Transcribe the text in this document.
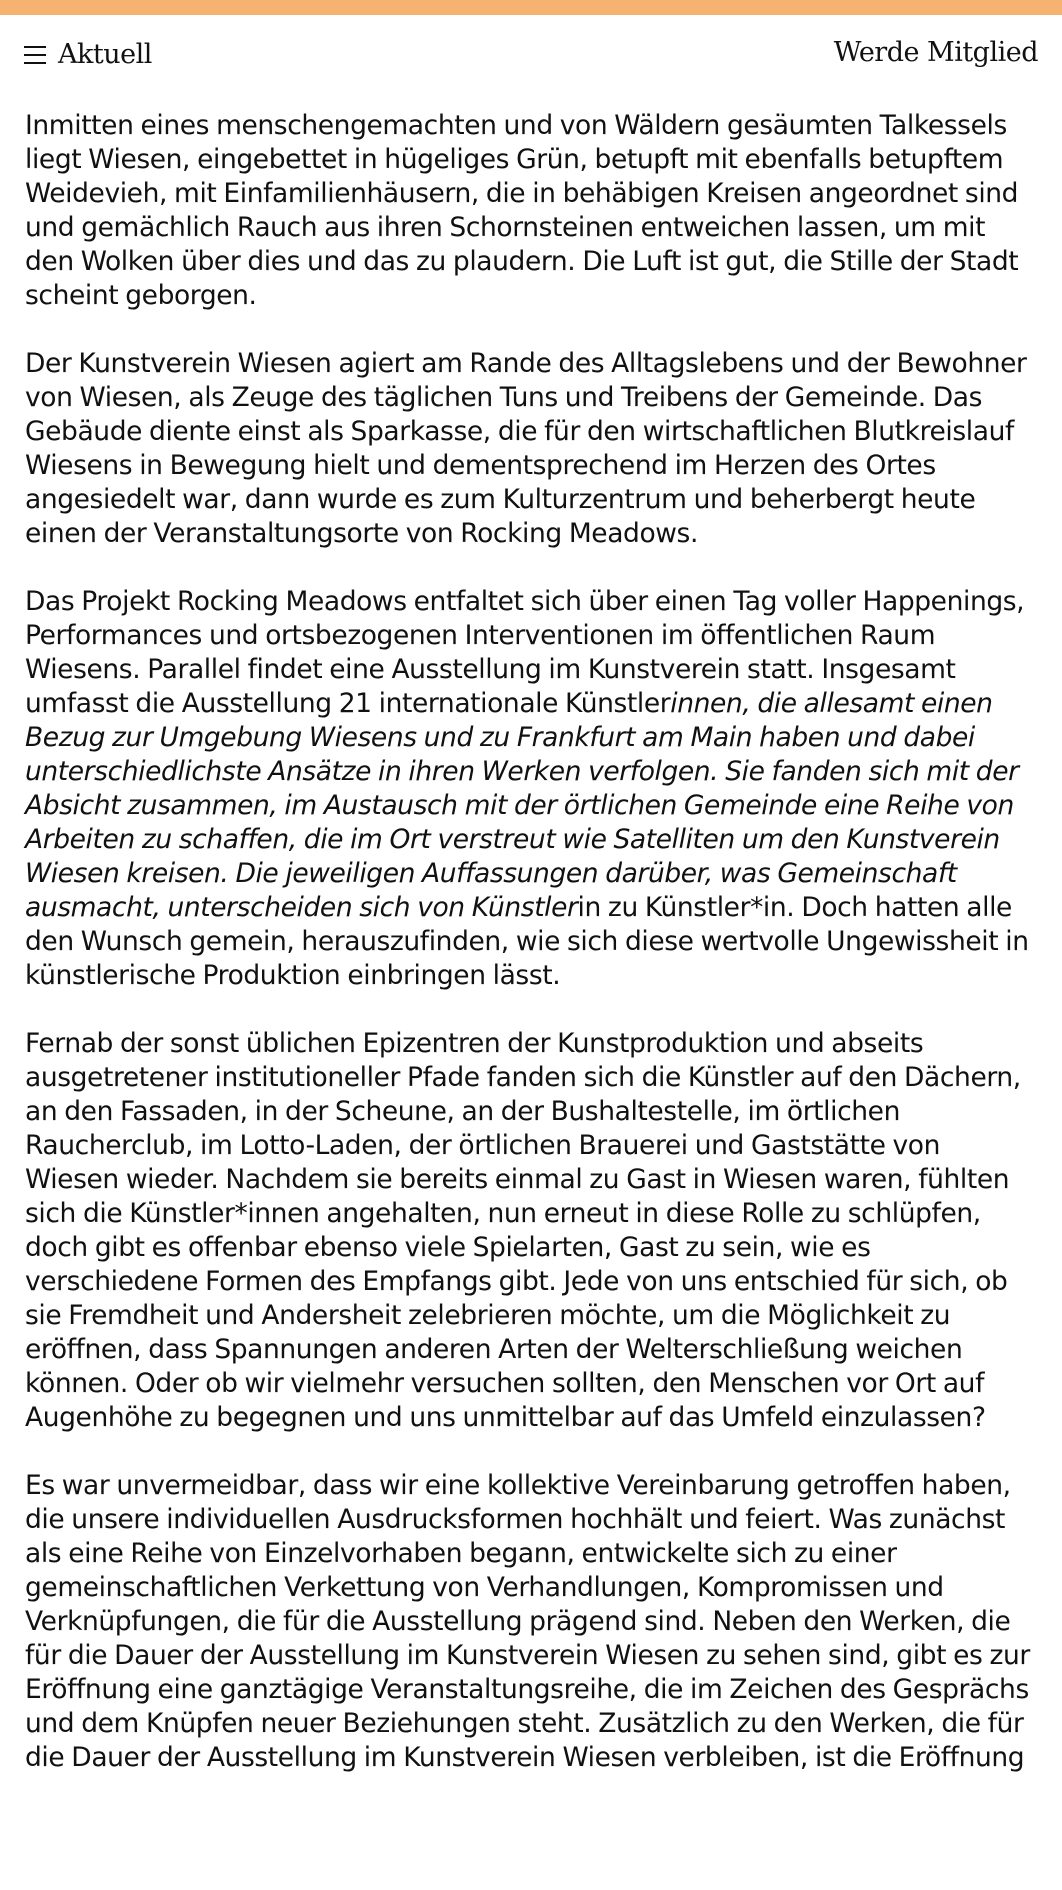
Aktuell	Werde Mitglied

Inmitten eines menschengemachten und von Wäldern gesäumten Talkessels liegt Wiesen, eingebettet in hügeliges Grün, betupft mit ebenfalls betupftem Weidevieh, mit Einfamilienhäusern, die in behäbigen Kreisen angeordnet sind und gemächlich Rauch aus ihren Schornsteinen entweichen lassen, um mit den Wolken über dies und das zu plaudern. Die Luft ist gut, die Stille der Stadt scheint geborgen.

Der Kunstverein Wiesen agiert am Rande des Alltagslebens und der Bewohner von Wiesen, als Zeuge des täglichen Tuns und Treibens der Gemeinde. Das Gebäude diente einst als Sparkasse, die für den wirtschaftlichen Blutkreislauf Wiesens in Bewegung hielt und dementsprechend im Herzen des Ortes angesiedelt war, dann wurde es zum Kulturzentrum und beherbergt heute einen der Veranstaltungsorte von Rocking Meadows.

Das Projekt Rocking Meadows entfaltet sich über einen Tag voller Happenings, Performances und ortsbezogenen Interventionen im öffentlichen Raum Wiesens. Parallel findet eine Ausstellung im Kunstverein statt. Insgesamt umfasst die Ausstellung 21 internationale Künstlerinnen, die allesamt einen Bezug zur Umgebung Wiesens und zu Frankfurt am Main haben und dabei unterschiedlichste Ansätze in ihren Werken verfolgen. Sie fanden sich mit der Absicht zusammen, im Austausch mit der örtlichen Gemeinde eine Reihe von Arbeiten zu schaffen, die im Ort verstreut wie Satelliten um den Kunstverein Wiesen kreisen. Die jeweiligen Auffassungen darüber, was Gemeinschaft ausmacht, unterscheiden sich von Künstlerin zu Künstler*in. Doch hatten alle den Wunsch gemein, herauszufinden, wie sich diese wertvolle Ungewissheit in künstlerische Produktion einbringen lässt.

Fernab der sonst üblichen Epizentren der Kunstproduktion und abseits ausgetretener institutioneller Pfade fanden sich die Künstler auf den Dächern, an den Fassaden, in der Scheune, an der Bushaltestelle, im örtlichen Raucherclub, im Lotto-Laden, der örtlichen Brauerei und Gaststätte von Wiesen wieder. Nachdem sie bereits einmal zu Gast in Wiesen waren, fühlten sich die Künstler*innen angehalten, nun erneut in diese Rolle zu schlüpfen, doch gibt es offenbar ebenso viele Spielarten, Gast zu sein, wie es verschiedene Formen des Empfangs gibt. Jede von uns entschied für sich, ob sie Fremdheit und Andersheit zelebrieren möchte, um die Möglichkeit zu eröffnen, dass Spannungen anderen Arten der Welterschließung weichen können. Oder ob wir vielmehr versuchen sollten, den Menschen vor Ort auf Augenhöhe zu begegnen und uns unmittelbar auf das Umfeld einzulassen?

Es war unvermeidbar, dass wir eine kollektive Vereinbarung getroffen haben, die unsere individuellen Ausdrucksformen hochhält und feiert. Was zunächst als eine Reihe von Einzelvorhaben begann, entwickelte sich zu einer gemeinschaftlichen Verkettung von Verhandlungen, Kompromissen und Verknüpfungen, die für die Ausstellung prägend sind. Neben den Werken, die für die Dauer der Ausstellung im Kunstverein Wiesen zu sehen sind, gibt es zur Eröffnung eine ganztägige Veranstaltungsreihe, die im Zeichen des Gesprächs und dem Knüpfen neuer Beziehungen steht. Zusätzlich zu den Werken, die für die Dauer der Ausstellung im Kunstverein Wiesen verbleiben, ist die Eröffnung
